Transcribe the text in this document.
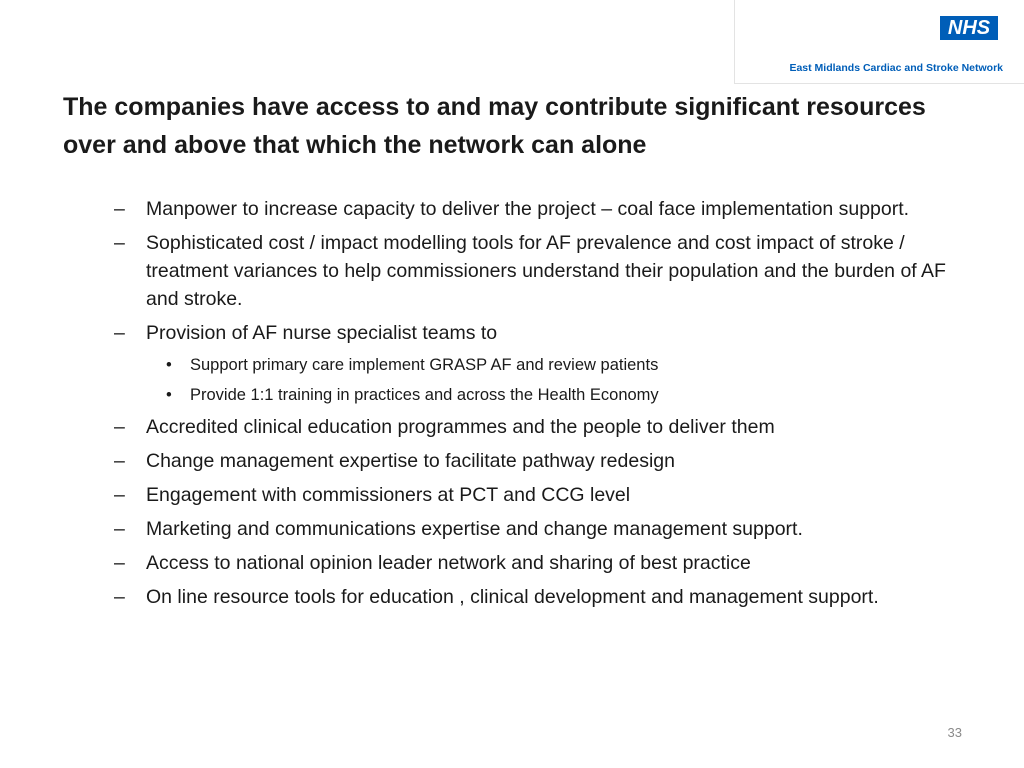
NHS
East Midlands Cardiac and Stroke Network
The companies have access to and may contribute significant resources over and above that which the network can alone
– Manpower to increase capacity to deliver the project – coal face implementation support.
– Sophisticated cost / impact modelling tools for AF prevalence and cost impact of stroke / treatment variances to help commissioners understand their population and the burden of AF and stroke.
– Provision of AF nurse specialist teams to
• Support primary care implement GRASP AF and review patients
• Provide 1:1 training in practices and across the Health Economy
– Accredited clinical education programmes and the people to deliver them
– Change management expertise to facilitate pathway redesign
– Engagement with commissioners at PCT and CCG level
– Marketing and communications expertise and change management support.
– Access to national opinion leader network and sharing of best practice
– On line resource tools for education , clinical development and management support.
33
